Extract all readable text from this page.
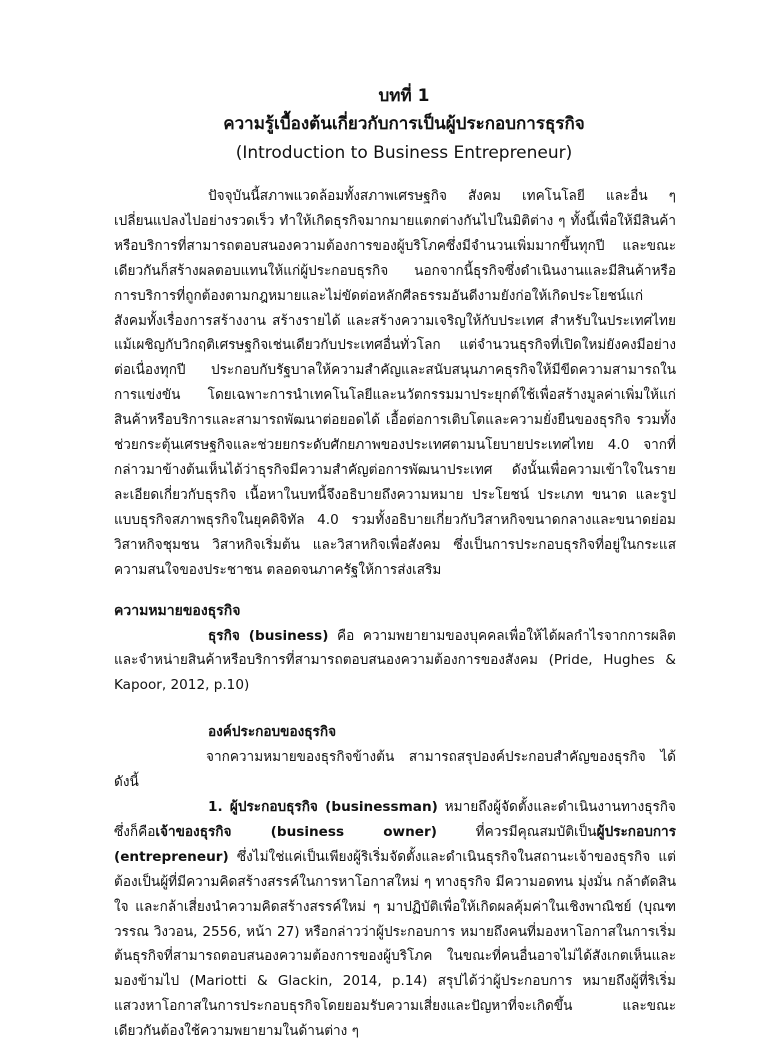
บทที่ 1
ความรู้เบื้องต้นเกี่ยวกับการเป็นผู้ประกอบการธุรกิจ
(Introduction to Business Entrepreneur)

ปัจจุบันนี้สภาพแวดล้อมทั้งสภาพเศรษฐกิจ สังคม เทคโนโลยี และอื่น ๆ เปลี่ยนแปลงไปอย่างรวดเร็ว ทำให้เกิดธุรกิจมากมายแตกต่างกันไปในมิติต่าง ๆ ทั้งนี้เพื่อให้มีสินค้าหรือบริการที่สามารถตอบสนองความต้องการของผู้บริโภคซึ่งมีจำนวนเพิ่มมากขึ้นทุกปี และขณะเดียวกันก็สร้างผลตอบแทนให้แก่ผู้ประกอบธุรกิจ นอกจากนี้ธุรกิจซึ่งดำเนินงานและมีสินค้าหรือการบริการที่ถูกต้องตามกฎหมายและไม่ขัดต่อหลักศีลธรรมอันดีงามยังก่อให้เกิดประโยชน์แก่สังคมทั้งเรื่องการสร้างงาน สร้างรายได้ และสร้างความเจริญให้กับประเทศ สำหรับในประเทศไทยแม้เผชิญกับวิกฤติเศรษฐกิจเช่นเดียวกับประเทศอื่นทั่วโลก แต่จำนวนธุรกิจที่เปิดใหม่ยังคงมีอย่างต่อเนื่องทุกปี ประกอบกับรัฐบาลให้ความสำคัญและสนับสนุนภาคธุรกิจให้มีขีดความสามารถในการแข่งขัน โดยเฉพาะการนำเทคโนโลยีและนวัตกรรมมาประยุกต์ใช้เพื่อสร้างมูลค่าเพิ่มให้แก่สินค้าหรือบริการและสามารถพัฒนาต่อยอดได้ เอื้อต่อการเติบโตและความยั่งยืนของธุรกิจ รวมทั้งช่วยกระตุ้นเศรษฐกิจและช่วยยกระดับศักยภาพของประเทศตามนโยบายประเทศไทย 4.0 จากที่กล่าวมาข้างต้นเห็นได้ว่าธุรกิจมีความสำคัญต่อการพัฒนาประเทศ ดังนั้นเพื่อความเข้าใจในรายละเอียดเกี่ยวกับธุรกิจ เนื้อหาในบทนี้จึงอธิบายถึงความหมาย ประโยชน์ ประเภท ขนาด และรูปแบบธุรกิจสภาพธุรกิจในยุคดิจิทัล 4.0 รวมทั้งอธิบายเกี่ยวกับวิสาหกิจขนาดกลางและขนาดย่อม วิสาหกิจชุมชน วิสาหกิจเริ่มต้น และวิสาหกิจเพื่อสังคม ซึ่งเป็นการประกอบธุรกิจที่อยู่ในกระแสความสนใจของประชาชน ตลอดจนภาครัฐให้การส่งเสริม

ความหมายของธุรกิจ

ธุรกิจ (business) คือ ความพยายามของบุคคลเพื่อให้ได้ผลกำไรจากการผลิตและจำหน่ายสินค้าหรือบริการที่สามารถตอบสนองความต้องการของสังคม (Pride, Hughes & Kapoor, 2012, p.10)

องค์ประกอบของธุรกิจ

จากความหมายของธุรกิจข้างต้น สามารถสรุปองค์ประกอบสำคัญของธุรกิจ ได้ดังนี้

1. ผู้ประกอบธุรกิจ (businessman) หมายถึงผู้จัดตั้งและดำเนินงานทางธุรกิจ ซึ่งก็คือเจ้าของธุรกิจ (business owner) ที่ควรมีคุณสมบัติเป็นผู้ประกอบการ (entrepreneur) ซึ่งไม่ใช่แค่เป็นเพียงผู้ริเริ่มจัดตั้งและดำเนินธุรกิจในสถานะเจ้าของธุรกิจ แต่ต้องเป็นผู้ที่มีความคิดสร้างสรรค์ในการหาโอกาสใหม่ ๆ ทางธุรกิจ มีความอดทน มุ่งมั่น กล้าตัดสินใจ และกล้าเสี่ยงนำความคิดสร้างสรรค์ใหม่ ๆ มาปฏิบัติเพื่อให้เกิดผลคุ้มค่าในเชิงพาณิชย์ (บุณฑวรรณ วิงวอน, 2556, หน้า 27) หรือกล่าวว่าผู้ประกอบการ หมายถึงคนที่มองหาโอกาสในการเริ่มต้นธุรกิจที่สามารถตอบสนองความต้องการของผู้บริโภค ในขณะที่คนอื่นอาจไม่ได้สังเกตเห็นและมองข้ามไป (Mariotti & Glackin, 2014, p.14) สรุปได้ว่าผู้ประกอบการ หมายถึงผู้ที่ริเริ่มแสวงหาโอกาสในการประกอบธุรกิจโดยยอมรับความเสี่ยงและปัญหาที่จะเกิดขึ้น และขณะเดียวกันต้องใช้ความพยายามในด้านต่าง ๆ
